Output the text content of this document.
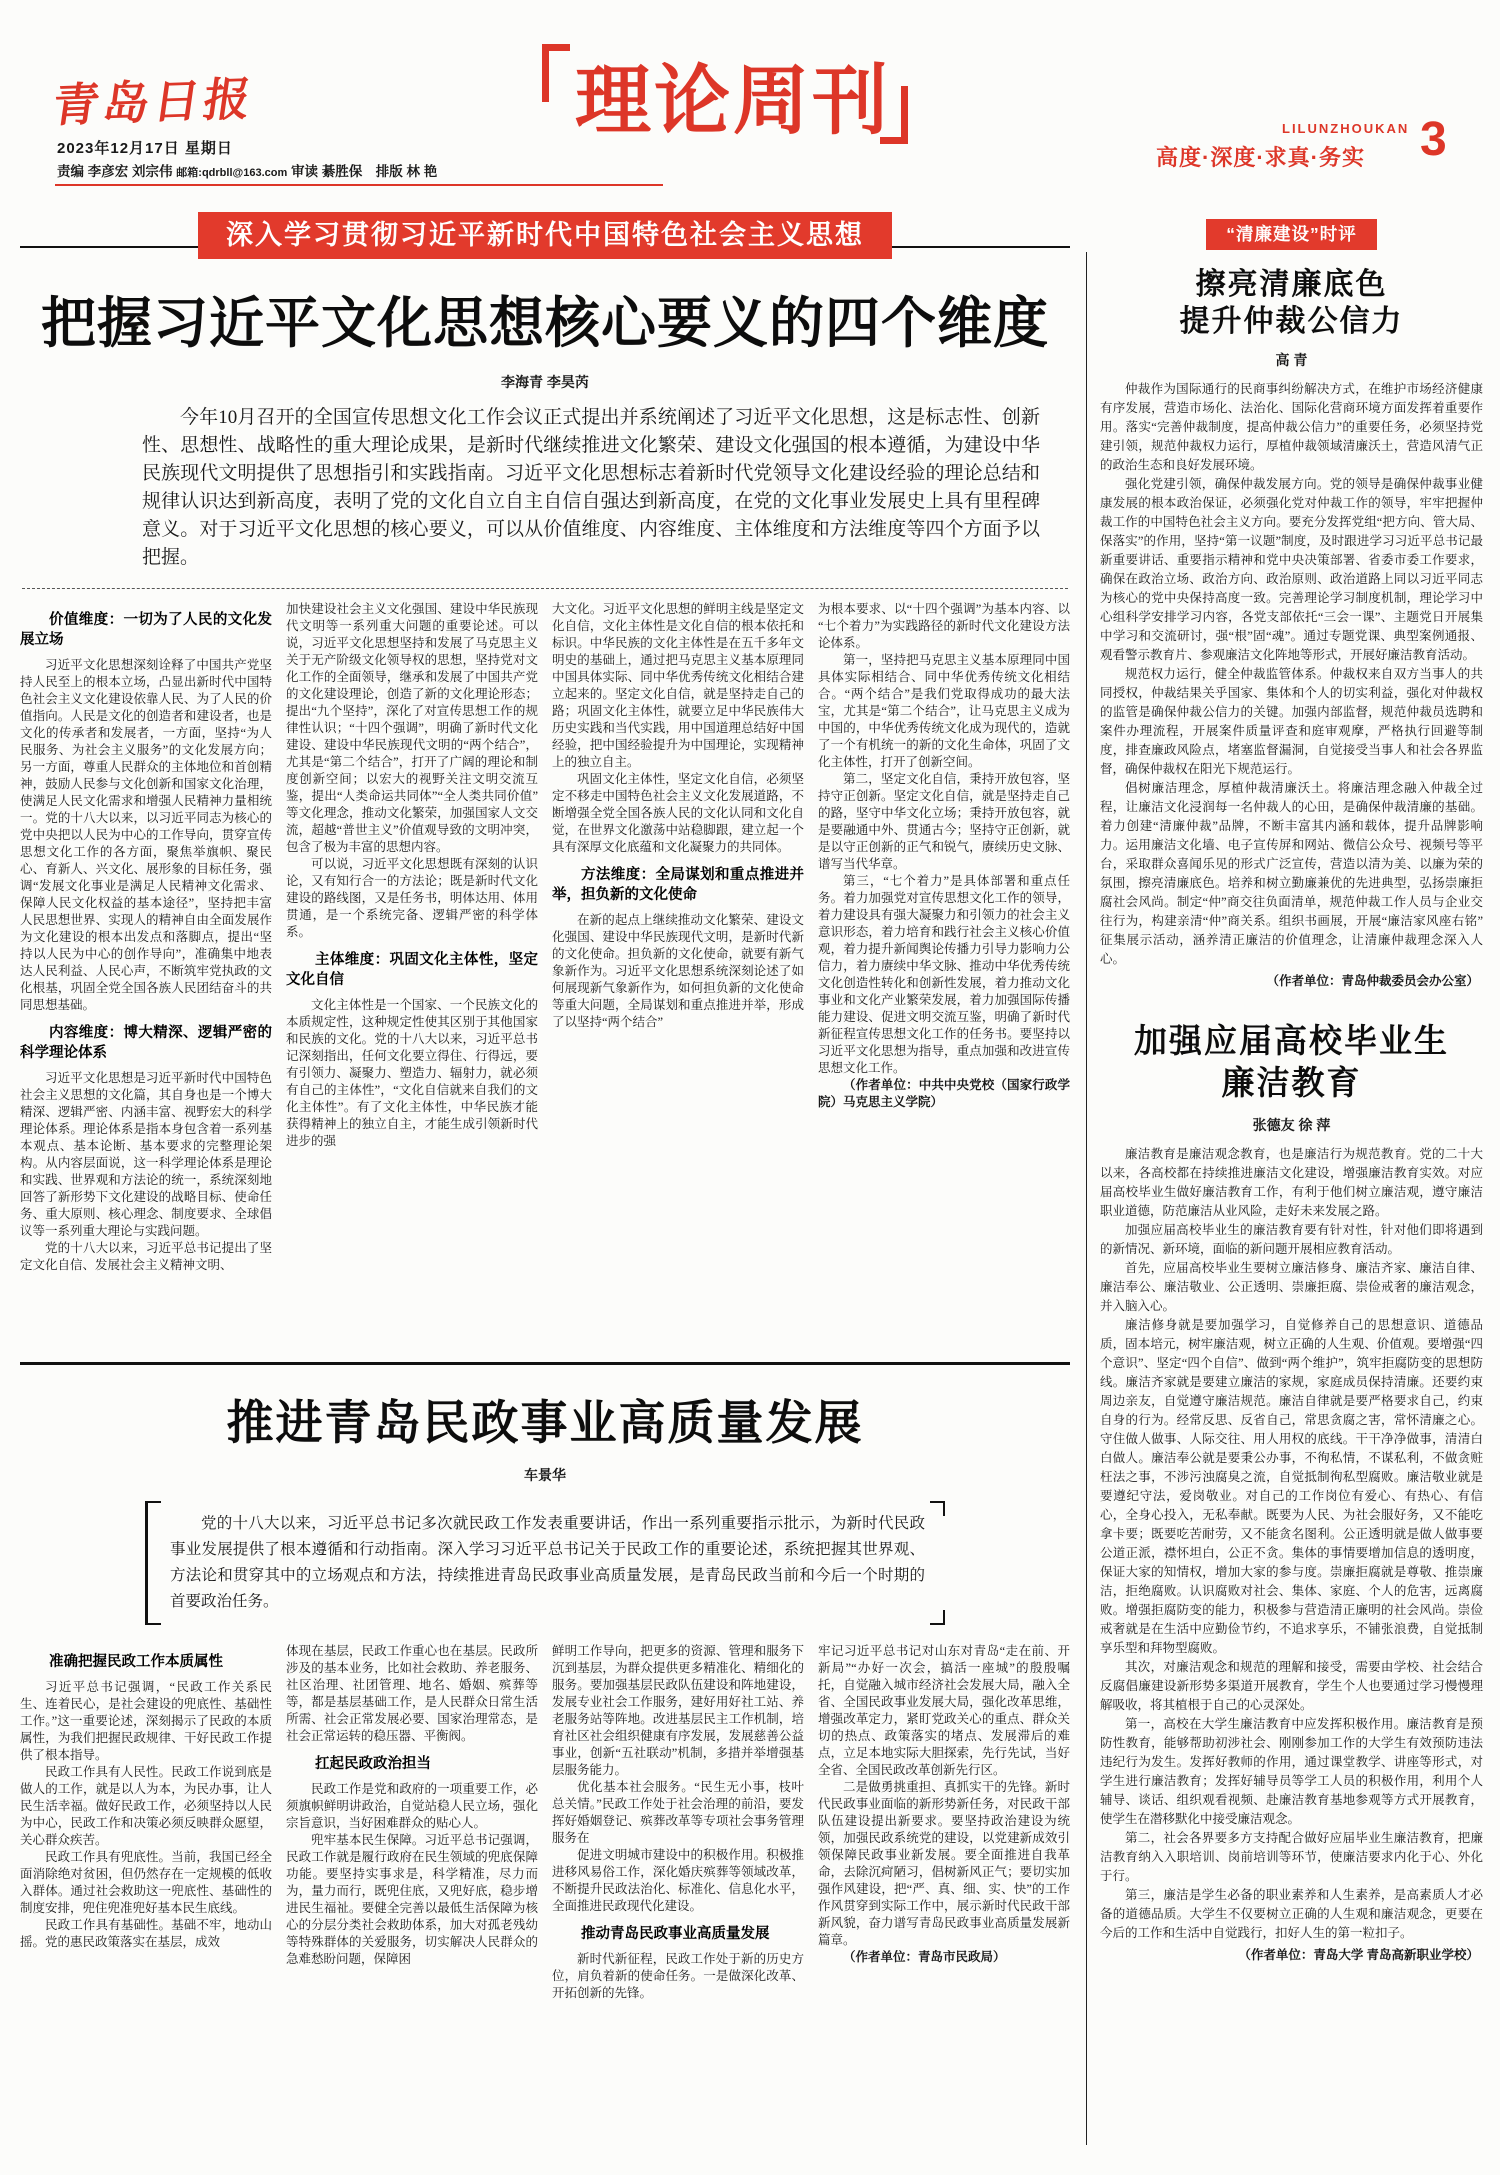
青岛日报
2023年12月17日 星期日
责编 李彦宏 刘宗伟 邮箱:qdrbll@163.com 审读 綦胜保　排版 林 艳
理论周刊	LILUNZHOUKAN
高度·深度·求真·务实 3
深入学习贯彻习近平新时代中国特色社会主义思想
把握习近平文化思想核心要义的四个维度
李海青 李昊芮
今年10月召开的全国宣传思想文化工作会议正式提出并系统阐述了习近平文化思想，这是标志性、创新性、思想性、战略性的重大理论成果，是新时代继续推进文化繁荣、建设文化强国的根本遵循，为建设中华民族现代文明提供了思想指引和实践指南。习近平文化思想标志着新时代党领导文化建设经验的理论总结和规律认识达到新高度，表明了党的文化自立自主自信自强达到新高度，在党的文化事业发展史上具有里程碑意义。对于习近平文化思想的核心要义，可以从价值维度、内容维度、主体维度和方法维度等四个方面予以把握。
价值维度：一切为了人民的文化发展立场

习近平文化思想深刻诠释了中国共产党坚持人民至上的根本立场，凸显出新时代中国特色社会主义文化建设依靠人民、为了人民的价值指向。人民是文化的创造者和建设者，也是文化的传承者和发展者，一方面，坚持“为人民服务、为社会主义服务”的文化发展方向；另一方面，尊重人民群众的主体地位和首创精神，鼓励人民参与文化创新和国家文化治理，使满足人民文化需求和增强人民精神力量相统一。党的十八大以来，以习近平同志为核心的党中央把以人民为中心的工作导向，贯穿宣传思想文化工作的各方面，聚焦举旗帜、聚民心、育新人、兴文化、展形象的目标任务，强调“发展文化事业是满足人民精神文化需求、保障人民文化权益的基本途径”，坚持把丰富人民思想世界、实现人的精神自由全面发展作为文化建设的根本出发点和落脚点，提出“坚持以人民为中心的创作导向”，准确集中地表达人民利益、人民心声，不断筑牢党执政的文化根基，巩固全党全国各族人民团结奋斗的共同思想基础。

内容维度：博大精深、逻辑严密的科学理论体系

习近平文化思想是习近平新时代中国特色社会主义思想的文化篇，其自身也是一个博大精深、逻辑严密、内涵丰富、视野宏大的科学理论体系。理论体系是指本身包含着一系列基本观点、基本论断、基本要求的完整理论架构。从内容层面说，这一科学理论体系是理论和实践、世界观和方法论的统一，系统深刻地回答了新形势下文化建设的战略目标、使命任务、重大原则、核心理念、制度要求、全球倡议等一系列重大理论与实践问题。

党的十八大以来，习近平总书记提出了坚定文化自信、发展社会主义精神文明、

加快建设社会主义文化强国、建设中华民族现代文明等一系列重大问题的重要论述。可以说，习近平文化思想坚持和发展了马克思主义关于无产阶级文化领导权的思想，坚持党对文化工作的全面领导，继承和发展了中国共产党的文化建设理论，创造了新的文化理论形态；提出“九个坚持”，深化了对宣传思想工作的规律性认识；“十四个强调”，明确了新时代文化建设、建设中华民族现代文明的“两个结合”，尤其是“第二个结合”，打开了广阔的理论和制度创新空间；以宏大的视野关注文明交流互鉴，提出“人类命运共同体”“全人类共同价值”等文化理念，推动文化繁荣，加强国家人文交流，超越“普世主义”价值观导致的文明冲突，包含了极为丰富的思想内容。

可以说，习近平文化思想既有深刻的认识论，又有知行合一的方法论；既是新时代文化建设的路线图，又是任务书，明体达用、体用贯通，是一个系统完备、逻辑严密的科学体系。

主体维度：巩固文化主体性，坚定文化自信

文化主体性是一个国家、一个民族文化的本质规定性，这种规定性使其区别于其他国家和民族的文化。党的十八大以来，习近平总书记深刻指出，任何文化要立得住、行得远，要有引领力、凝聚力、塑造力、辐射力，就必须有自己的主体性”，“文化自信就来自我们的文化主体性”。有了文化主体性，中华民族才能获得精神上的独立自主，才能生成引领新时代进步的强

大文化。习近平文化思想的鲜明主线是坚定文化自信，文化主体性是文化自信的根本依托和标识。中华民族的文化主体性是在五千多年文明史的基础上，通过把马克思主义基本原理同中国具体实际、同中华优秀传统文化相结合建立起来的。坚定文化自信，就是坚持走自己的路；巩固文化主体性，就要立足中华民族伟大历史实践和当代实践，用中国道理总结好中国经验，把中国经验提升为中国理论，实现精神上的独立自主。

巩固文化主体性，坚定文化自信，必须坚定不移走中国特色社会主义文化发展道路，不断增强全党全国各族人民的文化认同和文化自觉，在世界文化激荡中站稳脚跟，建立起一个具有深厚文化底蕴和文化凝聚力的共同体。

方法维度：全局谋划和重点推进并举，担负新的文化使命

在新的起点上继续推动文化繁荣、建设文化强国、建设中华民族现代文明，是新时代新的文化使命。担负新的文化使命，就要有新气象新作为。习近平文化思想系统深刻论述了如何展现新气象新作为，如何担负新的文化使命等重大问题，全局谋划和重点推进并举，形成了以坚持“两个结合”

为根本要求、以“十四个强调”为基本内容、以“七个着力”为实践路径的新时代文化建设方法论体系。

第一，坚持把马克思主义基本原理同中国具体实际相结合、同中华优秀传统文化相结合。“两个结合”是我们党取得成功的最大法宝，尤其是“第二个结合”，让马克思主义成为中国的，中华优秀传统文化成为现代的，造就了一个有机统一的新的文化生命体，巩固了文化主体性，打开了创新空间。

第二，坚定文化自信，秉持开放包容，坚持守正创新。坚定文化自信，就是坚持走自己的路，坚守中华文化立场；秉持开放包容，就是要融通中外、贯通古今；坚持守正创新，就是以守正创新的正气和锐气，赓续历史文脉、谱写当代华章。

第三，“七个着力”是具体部署和重点任务。着力加强党对宣传思想文化工作的领导，着力建设具有强大凝聚力和引领力的社会主义意识形态，着力培育和践行社会主义核心价值观，着力提升新闻舆论传播力引导力影响力公信力，着力赓续中华文脉、推动中华优秀传统文化创造性转化和创新性发展，着力推动文化事业和文化产业繁荣发展，着力加强国际传播能力建设、促进文明交流互鉴，明确了新时代新征程宣传思想文化工作的任务书。要坚持以习近平文化思想为指导，重点加强和改进宣传思想文化工作。

（作者单位：中共中央党校（国家行政学院）马克思主义学院）

推进青岛民政事业高质量发展
车景华
党的十八大以来，习近平总书记多次就民政工作发表重要讲话，作出一系列重要指示批示，为新时代民政事业发展提供了根本遵循和行动指南。深入学习习近平总书记关于民政工作的重要论述，系统把握其世界观、方法论和贯穿其中的立场观点和方法，持续推进青岛民政事业高质量发展，是青岛民政当前和今后一个时期的首要政治任务。
准确把握民政工作本质属性

习近平总书记强调，“民政工作关系民生、连着民心，是社会建设的兜底性、基础性工作。”这一重要论述，深刻揭示了民政的本质属性，为我们把握民政规律、干好民政工作提供了根本指导。

民政工作具有人民性。民政工作说到底是做人的工作，就是以人为本，为民办事，让人民生活幸福。做好民政工作，必须坚持以人民为中心，民政工作和决策必须反映群众愿望，关心群众疾苦。

民政工作具有兜底性。当前，我国已经全面消除绝对贫困，但仍然存在一定规模的低收入群体。通过社会救助这一兜底性、基础性的制度安排，兜住兜准兜好基本民生底线。

民政工作具有基础性。基础不牢，地动山摇。党的惠民政策落实在基层，成效

体现在基层，民政工作重心也在基层。民政所涉及的基本业务，比如社会救助、养老服务、社区治理、社团管理、地名、婚姻、殡葬等等，都是基层基础工作，是人民群众日常生活所需、社会正常发展必要、国家治理常态，是社会正常运转的稳压器、平衡阀。

扛起民政政治担当

民政工作是党和政府的一项重要工作，必须旗帜鲜明讲政治，自觉站稳人民立场，强化宗旨意识，当好困难群众的贴心人。

兜牢基本民生保障。习近平总书记强调，民政工作就是履行政府在民生领域的兜底保障功能。要坚持实事求是，科学精准，尽力而为，量力而行，既兜住底，又兜好底，稳步增进民生福祉。要健全完善以最低生活保障为核心的分层分类社会救助体系，加大对孤老残幼等特殊群体的关爱服务，切实解决人民群众的急难愁盼问题，保障困

鲜明工作导向，把更多的资源、管理和服务下沉到基层，为群众提供更多精准化、精细化的服务。要加强基层民政队伍建设和阵地建设，发展专业社会工作服务，建好用好社工站、养老服务站等阵地。改进基层民主工作机制，培育社区社会组织健康有序发展，发展慈善公益事业，创新“五社联动”机制，多措并举增强基层服务能力。

优化基本社会服务。“民生无小事，枝叶总关情。”民政工作处于社会治理的前沿，要发挥好婚姻登记、殡葬改革等专项社会事务管理服务在

促进文明城市建设中的积极作用。积极推进移风易俗工作，深化婚庆殡葬等领域改革，不断提升民政法治化、标准化、信息化水平，全面推进民政现代化建设。

推动青岛民政事业高质量发展

新时代新征程，民政工作处于新的历史方位，肩负着新的使命任务。一是做深化改革、开拓创新的先锋。

牢记习近平总书记对山东对青岛“走在前、开新局”“办好一次会，搞活一座城”的殷殷嘱托，自觉融入城市经济社会发展大局，融入全省、全国民政事业发展大局，强化改革思维，增强改革定力，紧盯党政关心的重点、群众关切的热点、政策落实的堵点、发展滞后的难点，立足本地实际大胆探索，先行先试，当好全省、全国民政改革创新先行区。

二是做勇挑重担、真抓实干的先锋。新时代民政事业面临的新形势新任务，对民政干部队伍建设提出新要求。要坚持政治建设为统领，加强民政系统党的建设，以党建新成效引领保障民政事业新发展。要全面推进自我革命，去除沉疴陋习，倡树新风正气；要切实加强作风建设，把“严、真、细、实、快”的工作作风贯穿到实际工作中，展示新时代民政干部新风貌，奋力谱写青岛民政事业高质量发展新篇章。

（作者单位：青岛市民政局）

“清廉建设”时评
擦亮清廉底色
提升仲裁公信力
高 青

仲裁作为国际通行的民商事纠纷解决方式，在维护市场经济健康有序发展，营造市场化、法治化、国际化营商环境方面发挥着重要作用。落实“完善仲裁制度，提高仲裁公信力”的重要任务，必须坚持党建引领，规范仲裁权力运行，厚植仲裁领域清廉沃土，营造风清气正的政治生态和良好发展环境。

强化党建引领，确保仲裁发展方向。党的领导是确保仲裁事业健康发展的根本政治保证，必须强化党对仲裁工作的领导，牢牢把握仲裁工作的中国特色社会主义方向。要充分发挥党组“把方向、管大局、保落实”的作用，坚持“第一议题”制度，及时跟进学习习近平总书记最新重要讲话、重要指示精神和党中央决策部署、省委市委工作要求，确保在政治立场、政治方向、政治原则、政治道路上同以习近平同志为核心的党中央保持高度一致。完善理论学习制度机制，理论学习中心组科学安排学习内容，各党支部依托“三会一课”、主题党日开展集中学习和交流研讨，强“根”固“魂”。通过专题党课、典型案例通报、观看警示教育片、参观廉洁文化阵地等形式，开展好廉洁教育活动。

规范权力运行，健全仲裁监管体系。仲裁权来自双方当事人的共同授权，仲裁结果关乎国家、集体和个人的切实利益，强化对仲裁权的监管是确保仲裁公信力的关键。加强内部监督，规范仲裁员选聘和案件办理流程，开展案件质量评查和庭审观摩，严格执行回避等制度，排查廉政风险点，堵塞监督漏洞，自觉接受当事人和社会各界监督，确保仲裁权在阳光下规范运行。

倡树廉洁理念，厚植仲裁清廉沃土。将廉洁理念融入仲裁全过程，让廉洁文化浸润每一名仲裁人的心田，是确保仲裁清廉的基础。着力创建“清廉仲裁”品牌，不断丰富其内涵和载体，提升品牌影响力。运用廉洁文化墙、电子宣传屏和网站、微信公众号、视频号等平台，采取群众喜闻乐见的形式广泛宣传，营造以清为美、以廉为荣的氛围，擦亮清廉底色。培养和树立勤廉兼优的先进典型，弘扬崇廉拒腐社会风尚。制定“仲”商交往负面清单，规范仲裁工作人员与企业交往行为，构建亲清“仲”商关系。组织书画展，开展“廉洁家风座右铭”征集展示活动，涵养清正廉洁的价值理念，让清廉仲裁理念深入人心。

（作者单位：青岛仲裁委员会办公室）
加强应届高校毕业生
廉洁教育
张德友 徐 萍

廉洁教育是廉洁观念教育，也是廉洁行为规范教育。党的二十大以来，各高校都在持续推进廉洁文化建设，增强廉洁教育实效。对应届高校毕业生做好廉洁教育工作，有利于他们树立廉洁观，遵守廉洁职业道德，防范廉洁从业风险，走好未来发展之路。

加强应届高校毕业生的廉洁教育要有针对性，针对他们即将遇到的新情况、新环境，面临的新问题开展相应教育活动。

首先，应届高校毕业生要树立廉洁修身、廉洁齐家、廉洁自律、廉洁奉公、廉洁敬业、公正透明、崇廉拒腐、崇俭戒奢的廉洁观念，并入脑入心。

廉洁修身就是要加强学习，自觉修养自己的思想意识、道德品质，固本培元，树牢廉洁观，树立正确的人生观、价值观。要增强“四个意识”、坚定“四个自信”、做到“两个维护”，筑牢拒腐防变的思想防线。廉洁齐家就是要建立廉洁的家规，家庭成员保持清廉。还要约束周边亲友，自觉遵守廉洁规范。廉洁自律就是要严格要求自己，约束自身的行为。经常反思、反省自己，常思贪腐之害，常怀清廉之心。守住做人做事、人际交往、用人用权的底线。干干净净做事，清清白白做人。廉洁奉公就是要秉公办事，不徇私情，不谋私利，不做贪赃枉法之事，不涉污浊腐臭之流，自觉抵制徇私型腐败。廉洁敬业就是要遵纪守法，爱岗敬业。对自己的工作岗位有爱心、有热心、有信心，全身心投入，无私奉献。既要为人民、为社会服好务，又不能吃拿卡要；既要吃苦耐劳，又不能贪名图利。公正透明就是做人做事要公道正派，襟怀坦白，公正不贪。集体的事情要增加信息的透明度，保证大家的知情权，增加大家的参与度。崇廉拒腐就是尊敬、推崇廉洁，拒绝腐败。认识腐败对社会、集体、家庭、个人的危害，远离腐败。增强拒腐防变的能力，积极参与营造清正廉明的社会风尚。崇俭戒奢就是在生活中应勤俭节约，不追求享乐，不铺张浪费，自觉抵制享乐型和拜物型腐败。

其次，对廉洁观念和规范的理解和接受，需要由学校、社会结合反腐倡廉建设新形势多渠道开展教育，学生个人也要通过学习慢慢理解吸收，将其植根于自己的心灵深处。

第一，高校在大学生廉洁教育中应发挥积极作用。廉洁教育是预防性教育，能够帮助初涉社会、刚刚参加工作的大学生有效预防违法违纪行为发生。发挥好教师的作用，通过课堂教学、讲座等形式，对学生进行廉洁教育；发挥好辅导员等学工人员的积极作用，利用个人辅导、谈话、组织观看视频、赴廉洁教育基地参观等方式开展教育，使学生在潜移默化中接受廉洁观念。

第二，社会各界要多方支持配合做好应届毕业生廉洁教育，把廉洁教育纳入入职培训、岗前培训等环节，使廉洁要求内化于心、外化于行。

第三，廉洁是学生必备的职业素养和人生素养，是高素质人才必备的道德品质。大学生不仅要树立正确的人生观和廉洁观念，更要在今后的工作和生活中自觉践行，扣好人生的第一粒扣子。

（作者单位：青岛大学 青岛高新职业学校）
